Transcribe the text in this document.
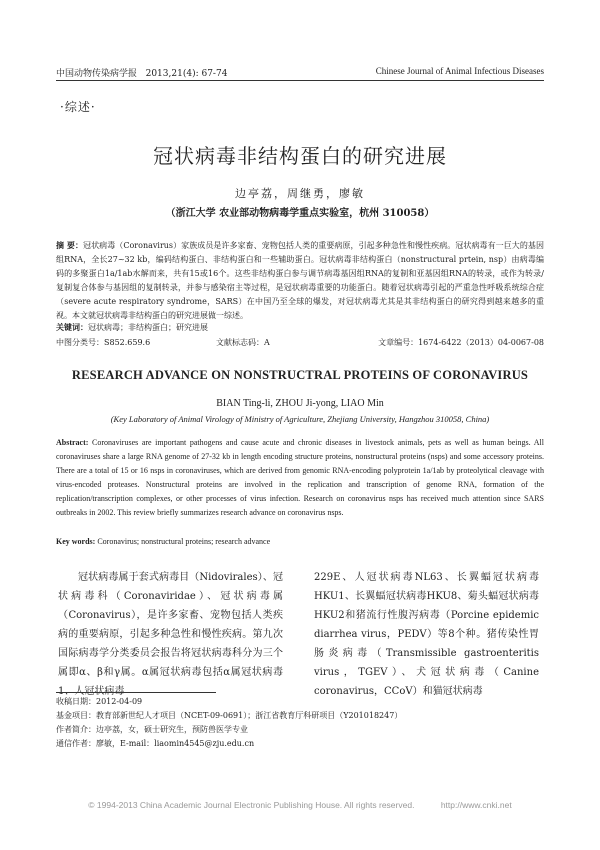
中国动物传染病学报 2013,21(4): 67-74	Chinese Journal of Animal Infectious Diseases
·综述·
冠状病毒非结构蛋白的研究进展
边亭荔，周继勇，廖敏
（浙江大学 农业部动物病毒学重点实验室，杭州 310058）
摘 要：冠状病毒（Coronavirus）家族成员是许多家畜、宠物包括人类的重要病原，引起多种急性和慢性疾病。冠状病毒有一巨大的基因组RNA，全长27~32 kb，编码结构蛋白、非结构蛋白和一些辅助蛋白。冠状病毒非结构蛋白（nonstructural prtein, nsp）由病毒编码的多聚蛋白1a/1ab水解而来，共有15或16个。这些非结构蛋白参与调节病毒基因组RNA的复制和亚基因组RNA的转录，或作为转录/复制复合体参与基因组的复制转录，并参与感染宿主等过程，是冠状病毒重要的功能蛋白。随着冠状病毒引起的严重急性呼吸系统综合症（severe acute respiratory syndrome，SARS）在中国乃至全球的爆发，对冠状病毒尤其是其非结构蛋白的研究得到越来越多的重视。本文就冠状病毒非结构蛋白的研究进展做一综述。
关键词：冠状病毒；非结构蛋白；研究进展
中图分类号：S852.659.6	文献标志码：A	文章编号：1674-6422（2013）04-0067-08
RESEARCH ADVANCE ON NONSTRUCTRAL PROTEINS OF CORONAVIRUS
BIAN Ting-li, ZHOU Ji-yong, LIAO Min
(Key Laboratory of Animal Virology of Ministry of Agriculture, Zhejiang University, Hangzhou 310058, China)
Abstract: Coronaviruses are important pathogens and cause acute and chronic diseases in livestock animals, pets as well as human beings. All coronaviruses share a large RNA genome of 27-32 kb in length encoding structure proteins, nonstructural proteins (nsps) and some accessory proteins. There are a total of 15 or 16 nsps in coronaviruses, which are derived from genomic RNA-encoding polyprotein 1a/1ab by proteolytical cleavage with virus-encoded proteases. Nonstructural proteins are involved in the replication and transcription of genome RNA, formation of the replication/transcription complexes, or other processes of virus infection. Research on coronavirus nsps has received much attention since SARS outbreaks in 2002. This review briefly summarizes research advance on coronavirus nsps.
Key words: Coronavirus; nonstructural proteins; research advance
冠状病毒属于套式病毒目（Nidovirales）、冠状病毒科（Coronaviridae）、冠状病毒属（Coronavirus），是许多家畜、宠物包括人类疾病的重要病原，引起多种急性和慢性疾病。第九次国际病毒学分类委员会报告将冠状病毒科分为三个属即α、β和γ属。α属冠状病毒包括α属冠状病毒1、人冠状病毒
229E、人冠状病毒NL63、长翼蝠冠状病毒HKU1、长翼蝠冠状病毒HKU8、菊头蝠冠状病毒HKU2和猪流行性腹泻病毒（Porcine epidemic diarrhea virus，PEDV）等8个种。猪传染性胃肠炎病毒（Transmissible gastroenteritis virus，TGEV）、犬冠状病毒（Canine coronavirus，CCoV）和猫冠状病毒
收稿日期：2012-04-09
基金项目：教育部新世纪人才项目（NCET-09-0691）；浙江省教育厅科研项目（Y201018247）
作者简介：边亭荔，女，硕士研究生，预防兽医学专业
通信作者：廖敏，E-mail：liaomin4545@zju.edu.cn
© 1994-2013 China Academic Journal Electronic Publishing House. All rights reserved.	http://www.cnki.net
